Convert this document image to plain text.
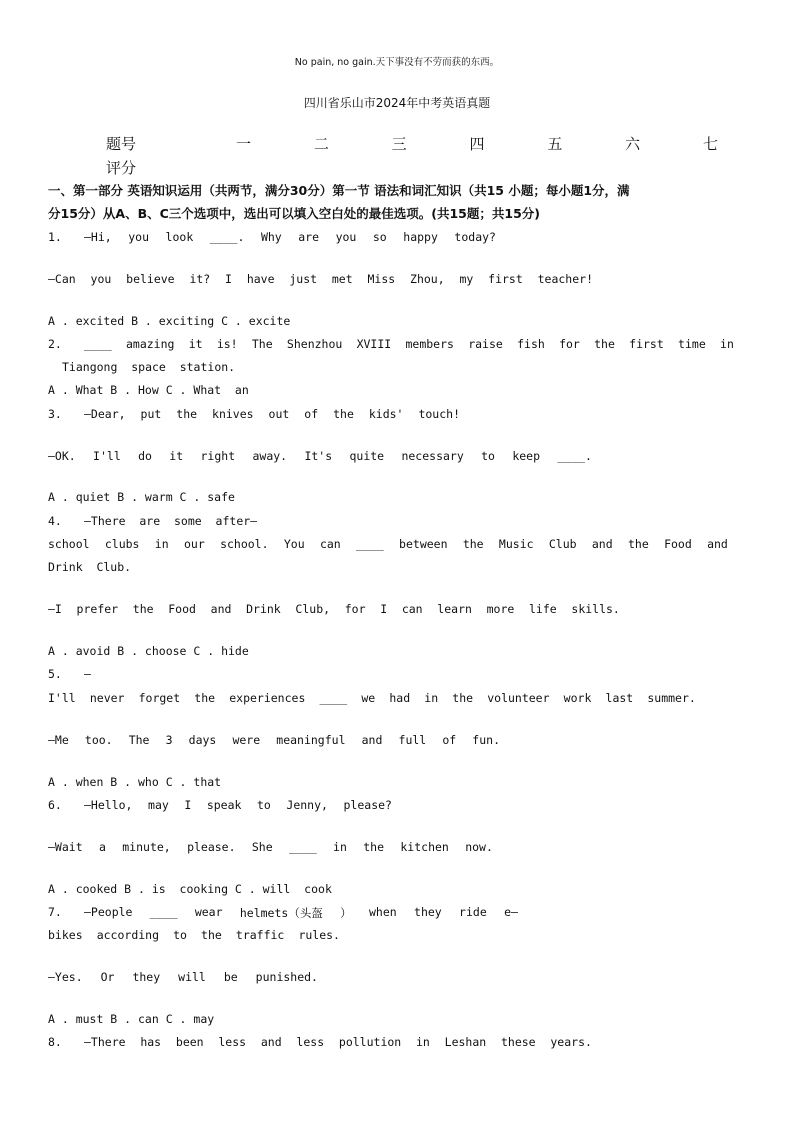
No pain, no gain.天下事没有不劳而获的东西。
四川省乐山市2024年中考英语真题
题号	一	二	三	四	五	六	七
评分
一、第一部分 英语知识运用（共两节，满分30分）第一节 语法和词汇知识（共15 小题；每小题1分，满
分15分）从A、B、C三个选项中，选出可以填入空白处的最佳选项。(共15题；共15分)
1. —Hi, you look ____. Why are you so happy today?
—Can you believe it? I have just met Miss Zhou, my first teacher!
A . excited B . exciting C . excite
2. ____ amazing it is! The Shenzhou XVIII members raise fish for the first time in
Tiangong  space  station.
A . What B . How C . What  an
3. —Dear, put the knives out of the kids' touch!
—OK. I'll do it right away. It's quite necessary to keep ____.
A . quiet B . warm C . safe
4. —There  are  some  after—
school clubs in our school. You can ____ between the Music Club and the Food and
Drink  Club.
—I prefer the Food and Drink Club, for I can learn more life skills.
A . avoid B . choose C . hide
5. —
I'll never forget the experiences ____ we had in the volunteer work last summer.
—Me too. The 3 days were meaningful and full of fun.
A . when B . who C . that
6. —Hello, may I speak to Jenny, please?
—Wait a minute, please. She ____ in the kitchen now.
A . cooked B . is  cooking C . will  cook
7. —People ____ wear helmets（头盔 ） when they ride e—
bikes according to the traffic rules.
—Yes. Or they will be punished.
A . must B . can C . may
8. —There has been less and less pollution in Leshan these years.
